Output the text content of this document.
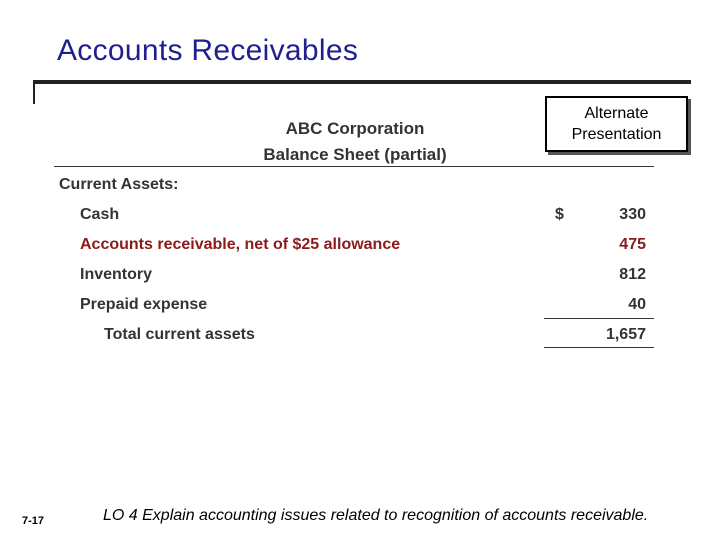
Accounts Receivables
Alternate
Presentation
ABC Corporation
Balance Sheet (partial)
Current Assets:
Cash	$	330
Accounts receivable, net of $25 allowance	475
Inventory	812
Prepaid expense	40
Total current assets	1,657
7-17	LO 4 Explain accounting issues related to recognition of accounts receivable.
